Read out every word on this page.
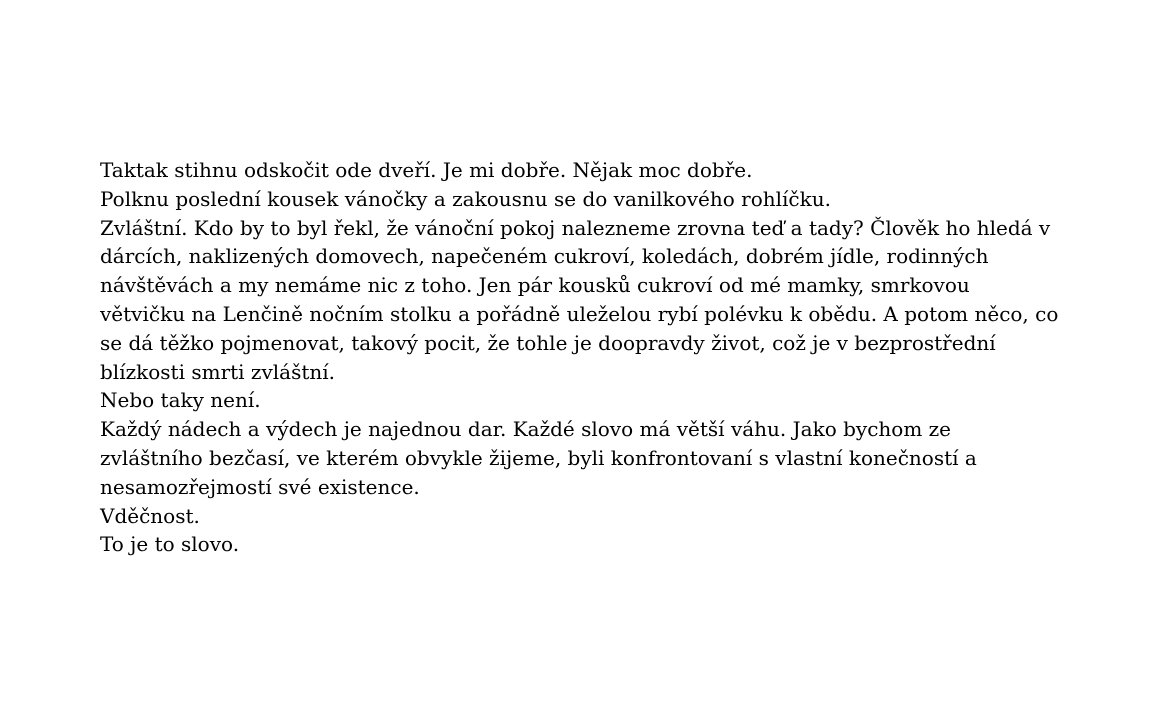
Taktak stihnu odskočit ode dveří. Je mi dobře. Nějak moc dobře.

Polknu poslední kousek vánočky a zakousnu se do vanilkového rohlíčku.

Zvláštní. Kdo by to byl řekl, že vánoční pokoj nalezneme zrovna teď a tady? Člověk ho hledá v dárcích, naklizených domovech, napečeném cukroví, koledách, dobrém jídle, rodinných návštěvách a my nemáme nic z toho. Jen pár kousků cukroví od mé mamky, smrkovou větvičku na Lenčině nočním stolku a pořádně uleželou rybí polévku k obědu. A potom něco, co se dá těžko pojmenovat, takový pocit, že tohle je doopravdy život, což je v bezprostřední blízkosti smrti zvláštní.

Nebo taky není.

Každý nádech a výdech je najednou dar. Každé slovo má větší váhu. Jako bychom ze zvláštního bezčasí, ve kterém obvykle žijeme, byli konfrontovaní s vlastní konečností a nesamozřejmostí své existence.

Vděčnost.

To je to slovo.
